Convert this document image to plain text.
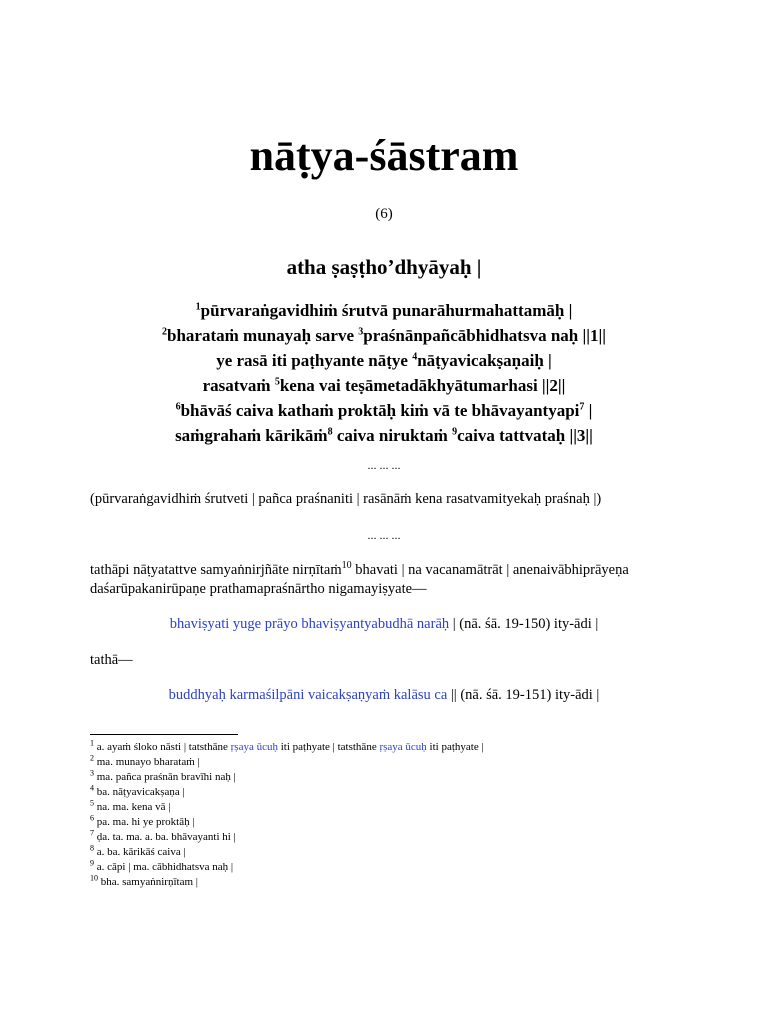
nāṭya-śāstram
(6)
atha ṣaṣṭho’dhyāyaḥ |
$^1$pūrvaraṅgavidhiṁ śrutvā punarāhurmahattamāḥ |
$^2$bharataṁ munayaḥ sarve $^3$praśnānpañcābhidhatsva naḥ ||1||
ye rasā iti paṭhyante nāṭye $^4$nāṭyavicakṣaṇaiḥ |
rasatvaṁ $^5$kena vai teṣāmetadākhyātumarhasi ||2||
$^6$bhāvāś caiva kathaṁ proktāḥ kiṁ vā te bhāvayantyapi$^7$ |
saṁgrahaṁ kārikāṁ$^8$ caiva niruktaṁ $^9$caiva tattvataḥ ||3||
... ... ...
(pūrvaraṅgavidhiṁ śrutveti | pañca praśnaniti | rasānāṁ kena rasatvamityekaḥ praśnaḥ |)
... ... ...
tathāpi nāṭyatattve samyaṅnirjñāte nirṇītaṁ$^{10}$ bhavati | na vacanamātrāt | anenaivābhiprāyeṇa daśarūpakanirūpaṇe prathamapraśnārtho nigamayiṣyate—
bhaviṣyati yuge prāyo bhaviṣyantyabudhā narāḥ | (nā. śā. 19-150) ity-ādi |
tathā—
buddhyaḥ karmaśilpāni vaicakṣaṇyaṁ kalāsu ca || (nā. śā. 19-151) ity-ādi |
$^1$ a. ayaṁ śloko nāsti | tatsthāne ṛṣaya ūcuḥ iti paṭhyate | tatsthāne ṛṣaya ūcuḥ iti paṭhyate |
$^2$ ma. munayo bharataṁ |
$^3$ ma. pañca praśnān bravīhi naḥ |
$^4$ ba. nāṭyavicakṣaṇa |
$^5$ na. ma. kena vā |
$^6$ pa. ma. hi ye proktāḥ |
$^7$ ḍa. ta. ma. a. ba. bhāvayanti hi |
$^8$ a. ba. kārikāś caiva |
$^9$ a. cāpi | ma. cābhidhatsva naḥ |
$^{10}$ bha. samyaṅnirṇītam |
